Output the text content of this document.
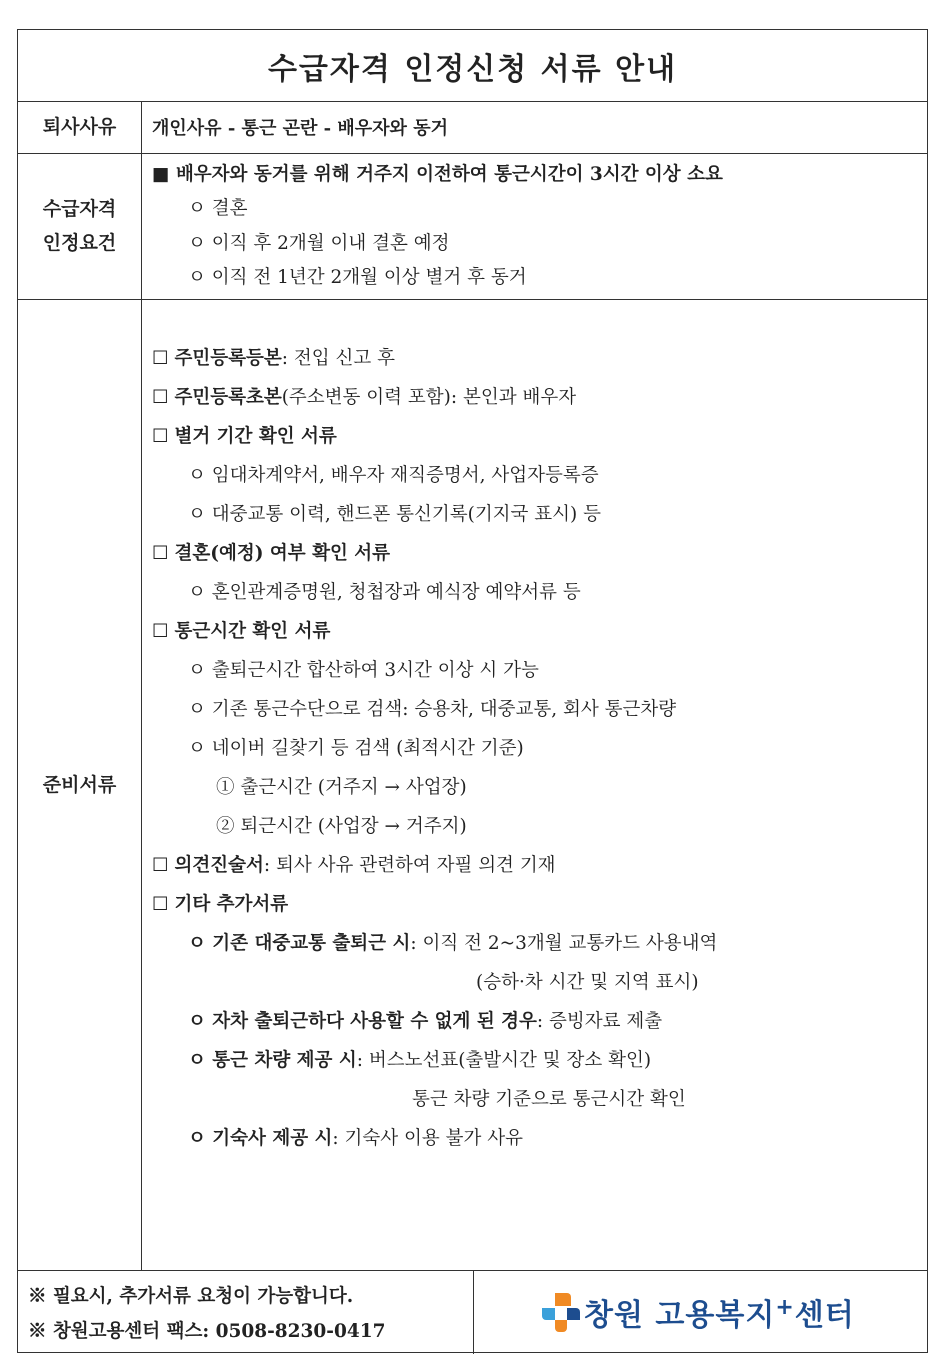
수급자격 인정신청 서류 안내
퇴사사유	개인사유 - 통근 곤란 - 배우자와 동거
수급자격
인정요건
■ 배우자와 동거를 위해 거주지 이전하여 통근시간이 3시간 이상 소요
ㅇ 결혼
ㅇ 이직 후 2개월 이내 결혼 예정
ㅇ 이직 전 1년간 2개월 이상 별거 후 동거
준비서류
☐ 주민등록등본: 전입 신고 후
☐ 주민등록초본(주소변동 이력 포함): 본인과 배우자
☐ 별거 기간 확인 서류
ㅇ 임대차계약서, 배우자 재직증명서, 사업자등록증
ㅇ 대중교통 이력, 핸드폰 통신기록(기지국 표시) 등
☐ 결혼(예정) 여부 확인 서류
ㅇ 혼인관계증명원, 청첩장과 예식장 예약서류 등
☐ 통근시간 확인 서류
ㅇ 출퇴근시간 합산하여 3시간 이상 시 가능
ㅇ 기존 통근수단으로 검색: 승용차, 대중교통, 회사 통근차량
ㅇ 네이버 길찾기 등 검색 (최적시간 기준)
① 출근시간 (거주지 → 사업장)
② 퇴근시간 (사업장 → 거주지)
☐ 의견진술서: 퇴사 사유 관련하여 자필 의견 기재
☐ 기타 추가서류
ㅇ 기존 대중교통 출퇴근 시: 이직 전 2~3개월 교통카드 사용내역
(승하·차 시간 및 지역 표시)
ㅇ 자차 출퇴근하다 사용할 수 없게 된 경우: 증빙자료 제출
ㅇ 통근 차량 제공 시: 버스노선표(출발시간 및 장소 확인)
통근 차량 기준으로 통근시간 확인
ㅇ 기숙사 제공 시: 기숙사 이용 불가 사유
※ 필요시, 추가서류 요청이 가능합니다.
※ 창원고용센터 팩스: 0508-8230-0417	창원 고용복지+센터
